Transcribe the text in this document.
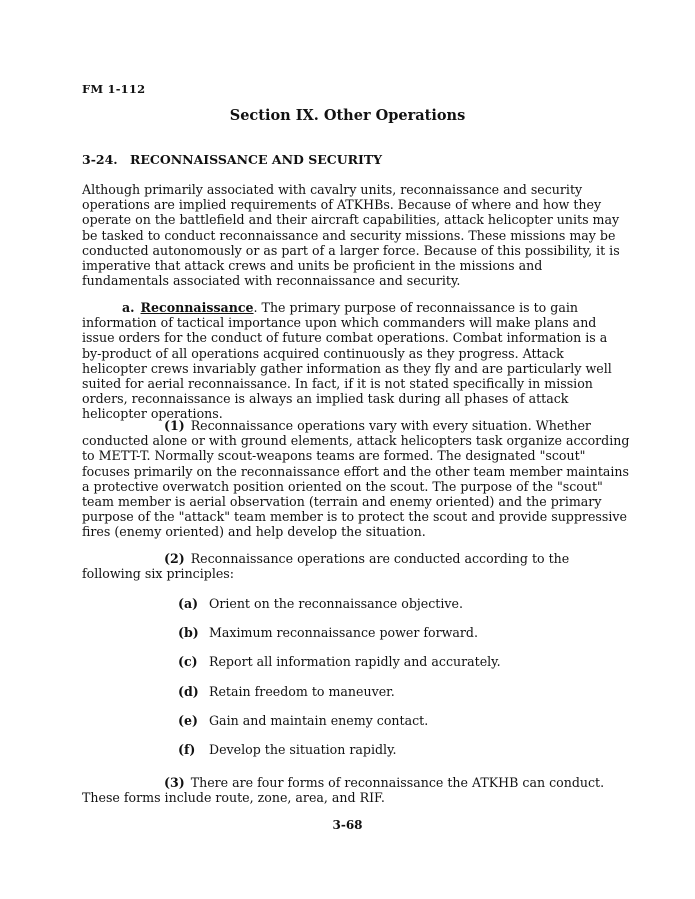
FM 1-112
Section IX. Other Operations
3-24. RECONNAISSANCE AND SECURITY
Although primarily associated with cavalry units, reconnaissance and security operations are implied requirements of ATKHBs. Because of where and how they operate on the battlefield and their aircraft capabilities, attack helicopter units may be tasked to conduct reconnaissance and security missions. These missions may be conducted autonomously or as part of a larger force. Because of this possibility, it is imperative that attack crews and units be proficient in the missions and fundamentals associated with reconnaissance and security.
a. Reconnaissance. The primary purpose of reconnaissance is to gain information of tactical importance upon which commanders will make plans and issue orders for the conduct of future combat operations. Combat information is a by-product of all operations acquired continuously as they progress. Attack helicopter crews invariably gather information as they fly and are particularly well suited for aerial reconnaissance. In fact, if it is not stated specifically in mission orders, reconnaissance is always an implied task during all phases of attack helicopter operations.
(1) Reconnaissance operations vary with every situation. Whether conducted alone or with ground elements, attack helicopters task organize according to METT-T. Normally scout-weapons teams are formed. The designated "scout" focuses primarily on the reconnaissance effort and the other team member maintains a protective overwatch position oriented on the scout. The purpose of the "scout" team member is aerial observation (terrain and enemy oriented) and the primary purpose of the "attack" team member is to protect the scout and provide suppressive fires (enemy oriented) and help develop the situation.
(2) Reconnaissance operations are conducted according to the following six principles:
(a) Orient on the reconnaissance objective.
(b) Maximum reconnaissance power forward.
(c) Report all information rapidly and accurately.
(d) Retain freedom to maneuver.
(e) Gain and maintain enemy contact.
(f) Develop the situation rapidly.
(3) There are four forms of reconnaissance the ATKHB can conduct. These forms include route, zone, area, and RIF.
3-68
